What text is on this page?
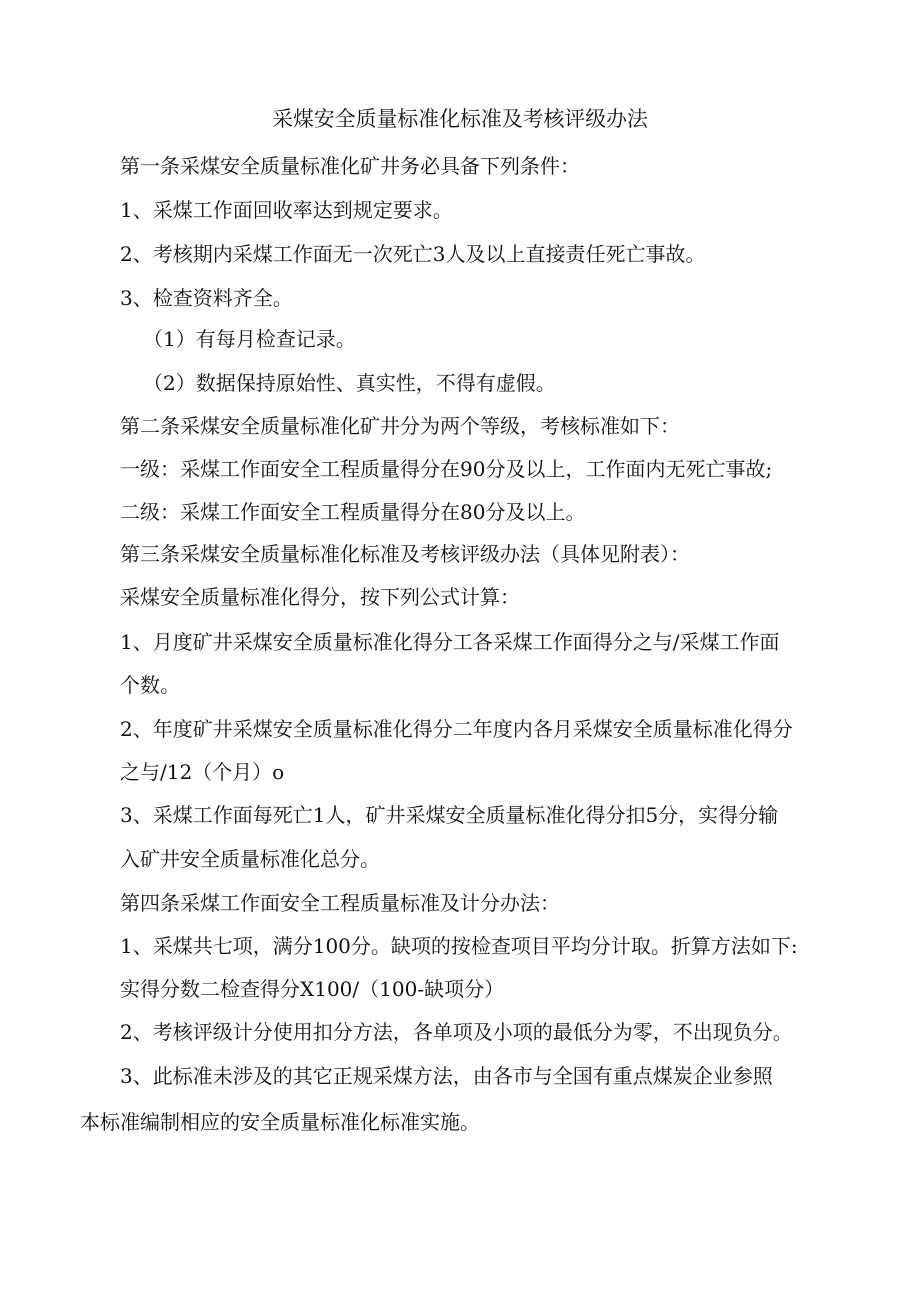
采煤安全质量标准化标准及考核评级办法
第一条采煤安全质量标准化矿井务必具备下列条件：
1、采煤工作面回收率达到规定要求。
2、考核期内采煤工作面无一次死亡3人及以上直接责任死亡事故。
3、检查资料齐全。
（1）有每月检查记录。
（2）数据保持原始性、真实性，不得有虚假。
第二条采煤安全质量标准化矿井分为两个等级，考核标准如下：
一级：采煤工作面安全工程质量得分在90分及以上，工作面内无死亡事故;
二级：采煤工作面安全工程质量得分在80分及以上。
第三条采煤安全质量标准化标准及考核评级办法（具体见附表）：
采煤安全质量标准化得分，按下列公式计算：
1、月度矿井采煤安全质量标准化得分工各采煤工作面得分之与/采煤工作面
个数。
2、年度矿井采煤安全质量标准化得分二年度内各月采煤安全质量标准化得分
之与/12（个月）o
3、采煤工作面每死亡1人，矿井采煤安全质量标准化得分扣5分，实得分输
入矿井安全质量标准化总分。
第四条采煤工作面安全工程质量标准及计分办法：
1、采煤共七项，满分100分。缺项的按检查项目平均分计取。折算方法如下:
实得分数二检查得分X100/（100-缺项分）
2、考核评级计分使用扣分方法，各单项及小项的最低分为零，不出现负分。
3、此标准未涉及的其它正规采煤方法，由各市与全国有重点煤炭企业参照
本标准编制相应的安全质量标准化标准实施。
